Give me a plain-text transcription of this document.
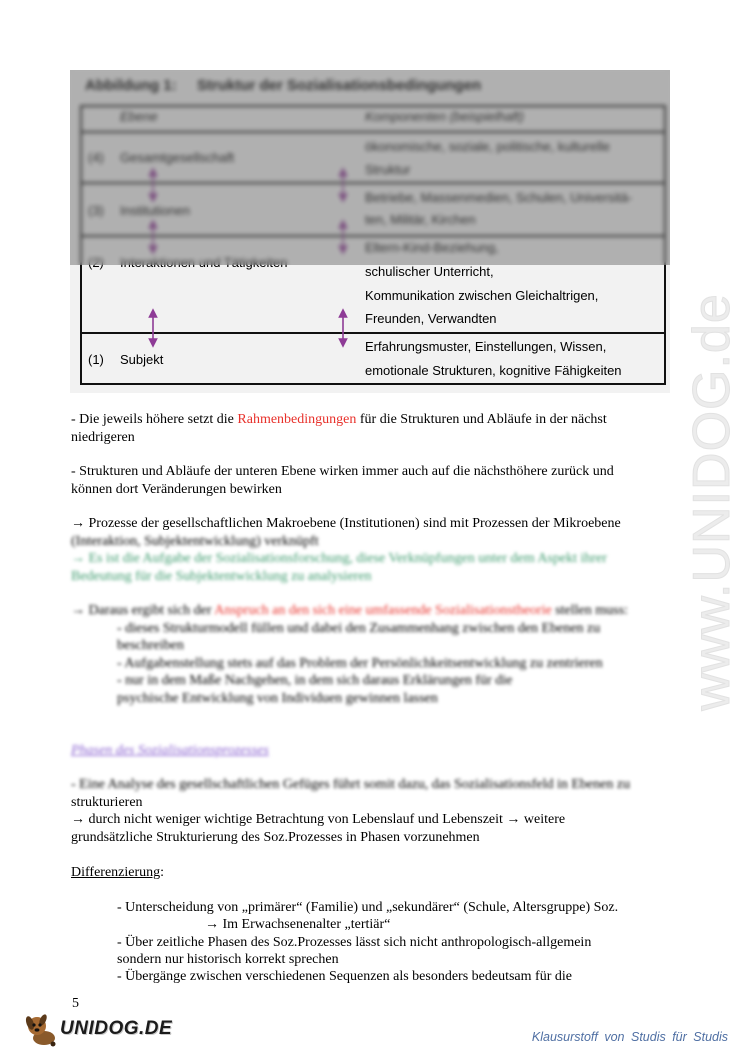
www.UNIDOG.de
Abbildung 1: Struktur der Sozialisationsbedingungen
Ebene	Komponenten (beispielhaft)
(4) Gesamtgesellschaft
ökonomische, soziale, politische, kulturelle
Struktur
(3) Institutionen
Betriebe, Massenmedien, Schulen, Universitä-
ten, Militär, Kirchen
(2) Interaktionen und Tätigkeiten
Eltern-Kind-Beziehung,
schulischer Unterricht,
Kommunikation zwischen Gleichaltrigen,
Freunden, Verwandten
(1) Subjekt
Erfahrungsmuster, Einstellungen, Wissen,
emotionale Strukturen, kognitive Fähigkeiten
- Die jeweils höhere setzt die Rahmenbedingungen für die Strukturen und Abläufe in der nächst
niedrigeren
- Strukturen und Abläufe der unteren Ebene wirken immer auch auf die nächsthöhere zurück und
können dort Veränderungen bewirken
→ Prozesse der gesellschaftlichen Makroebene (Institutionen) sind mit Prozessen der Mikroebene
(Interaktion, Subjektentwicklung) verknüpft
→ Es ist die Aufgabe der Sozialisationsforschung, diese Verknüpfungen unter dem Aspekt ihrer
Bedeutung für die Subjektentwicklung zu analysieren
→ Daraus ergibt sich der Anspruch an den sich eine umfassende Sozialisationstheorie stellen muss:
- dieses Strukturmodell füllen und dabei den Zusammenhang zwischen den Ebenen zu
beschreiben
- Aufgabenstellung stets auf das Problem der Persönlichkeitsentwicklung zu zentrieren
- nur in dem Maße Nachgehen, in dem sich daraus Erklärungen für die
psychische Entwicklung von Individuen gewinnen lassen
Phasen des Sozialisationsprozesses
- Eine Analyse des gesellschaftlichen Gefüges führt somit dazu, das Sozialisationsfeld in Ebenen zu
strukturieren
→ durch nicht weniger wichtige Betrachtung von Lebenslauf und Lebenszeit → weitere
grundsätzliche Strukturierung des Soz.Prozesses in Phasen vorzunehmen
Differenzierung:
- Unterscheidung von „primärer“ (Familie) und „sekundärer“ (Schule, Altersgruppe) Soz.
→ Im Erwachsenenalter „tertiär“
- Über zeitliche Phasen des Soz.Prozesses lässt sich nicht anthropologisch-allgemein
sondern nur historisch korrekt sprechen
- Übergänge zwischen verschiedenen Sequenzen als besonders bedeutsam für die
5
UNIDOG.DE	Klausurstoff von Studis für Studis
